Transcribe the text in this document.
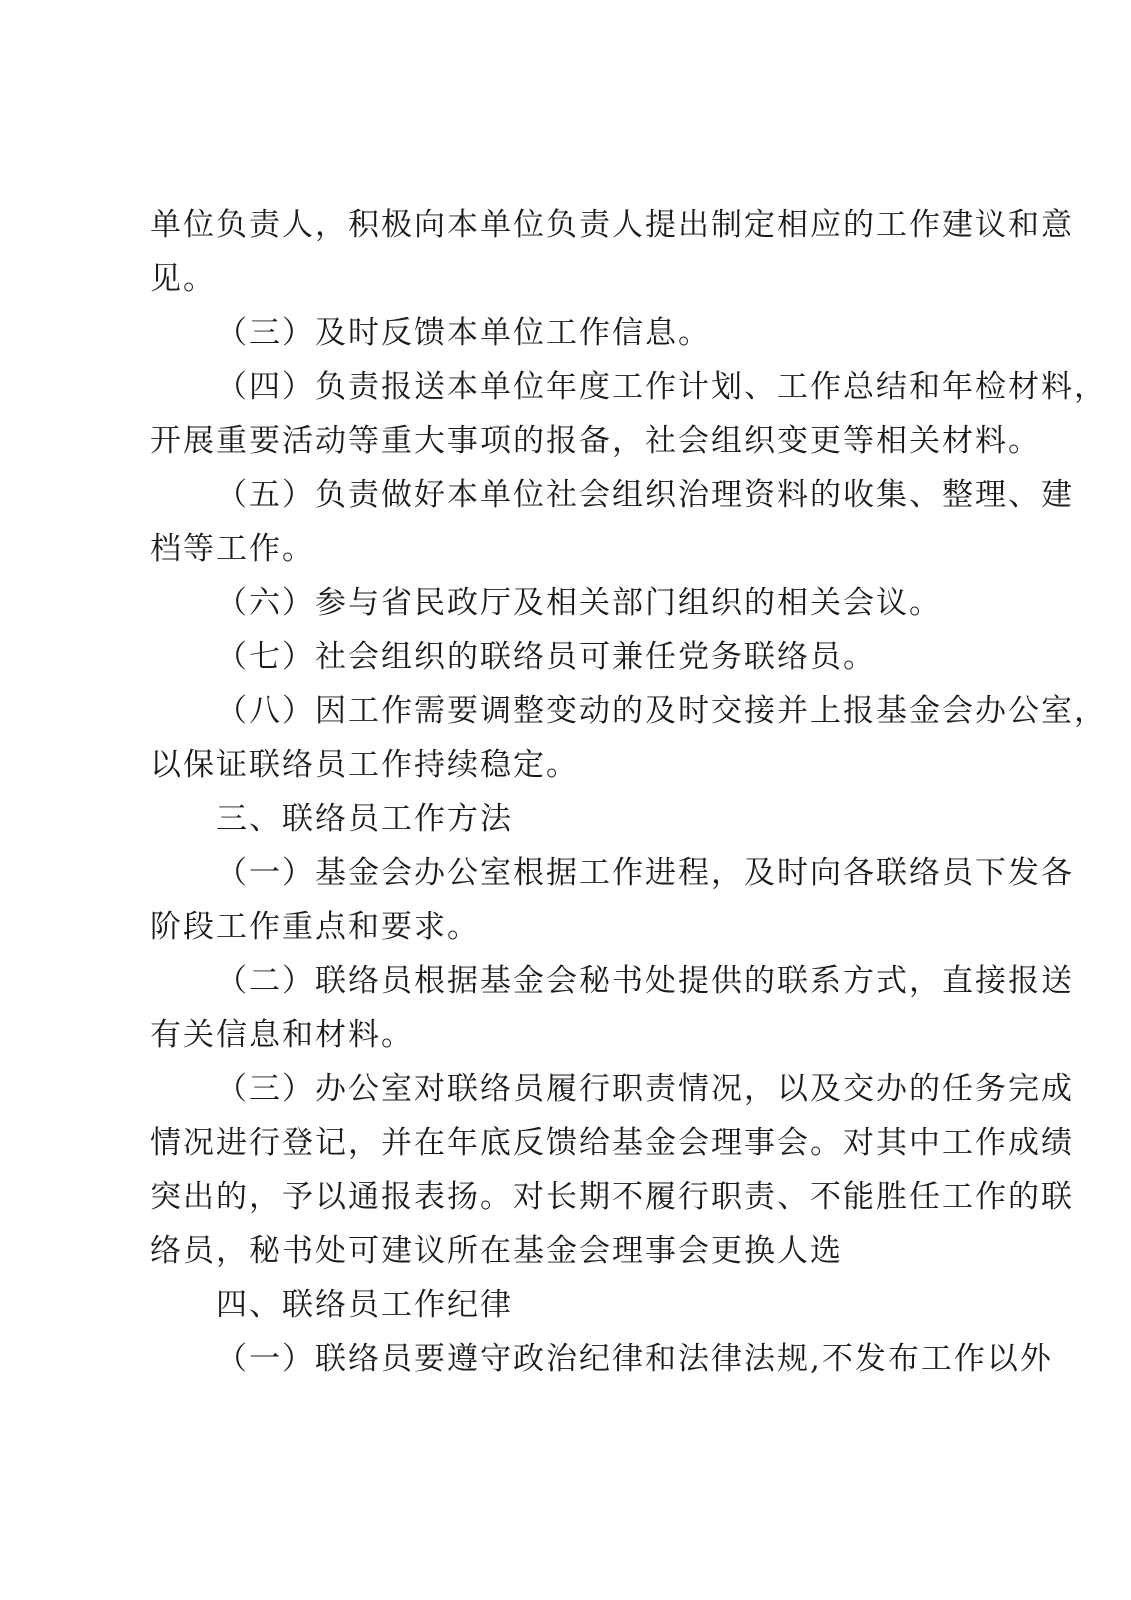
单位负责人，积极向本单位负责人提出制定相应的工作建议和意
见。
（三）及时反馈本单位工作信息。
（四）负责报送本单位年度工作计划、工作总结和年检材料，
开展重要活动等重大事项的报备，社会组织变更等相关材料。
（五）负责做好本单位社会组织治理资料的收集、整理、建
档等工作。
（六）参与省民政厅及相关部门组织的相关会议。
（七）社会组织的联络员可兼任党务联络员。
（八）因工作需要调整变动的及时交接并上报基金会办公室，
以保证联络员工作持续稳定。
三、联络员工作方法
（一）基金会办公室根据工作进程，及时向各联络员下发各
阶段工作重点和要求。
（二）联络员根据基金会秘书处提供的联系方式，直接报送
有关信息和材料。
（三）办公室对联络员履行职责情况，以及交办的任务完成
情况进行登记，并在年底反馈给基金会理事会。对其中工作成绩
突出的，予以通报表扬。对长期不履行职责、不能胜任工作的联
络员，秘书处可建议所在基金会理事会更换人选
四、联络员工作纪律
（一）联络员要遵守政治纪律和法律法规,不发布工作以外
